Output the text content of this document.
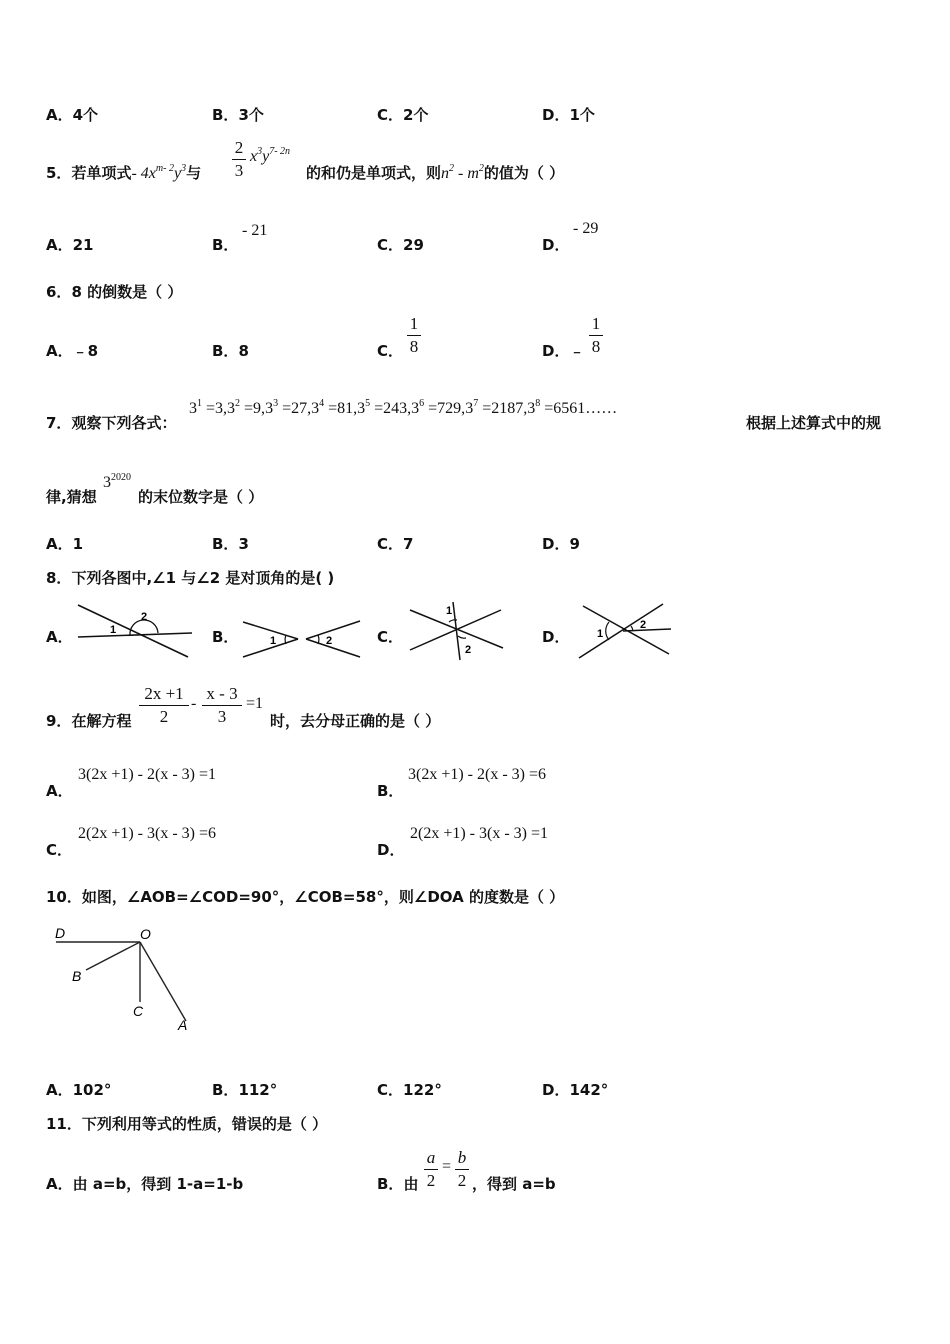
A．4个	B．3个	C．2个	D．1个
5．若单项式- $4x^{m- 2}y^3$与
2
3
$x^3y^{7- 2n}$
的和仍是单项式，则$n^2 - m^2$的值为（ ）
A．21	B．
- 21
C．29	D．
- 29
6．8 的倒数是（ ）
A．﹣8	B．8	C．
1
8	D．﹣
1
8
7．观察下列各式：
$3^1 =3,3^2 =9,3^3 =27,3^4 =81,3^5 =243,3^6 =729,3^7 =2187,3^8$ =6561……
根据上述算式中的规
律,猜想
$3^{2020}$
的末位数字是（ ）
A．1	B．3	C．7	D．9
8．下列各图中,∠1 与∠2 是对顶角的是( )
A．	1
2
B．	1	2	C．
1
2
D．	1
2
9．在解方程
2x +1
2
-
x - 3
3
=1
时，去分母正确的是（ ）
A．
3(2x +1) - 2(x - 3) =1
B．
3(2x +1) - 2(x - 3) =6
C．
2(2x +1) - 3(x - 3) =6
D．
2(2x +1) - 3(x - 3) =1
10．如图，∠AOB=∠COD=90°，∠COB=58°，则∠DOA 的度数是（ ）
D	O
B
C
A
A．102°	B．112°	C．122°	D．142°
11．下列利用等式的性质，错误的是（ ）
A．由 a=b，得到 1-a=1-b	B．由
a
2
= b
2 ，得到 a=b
